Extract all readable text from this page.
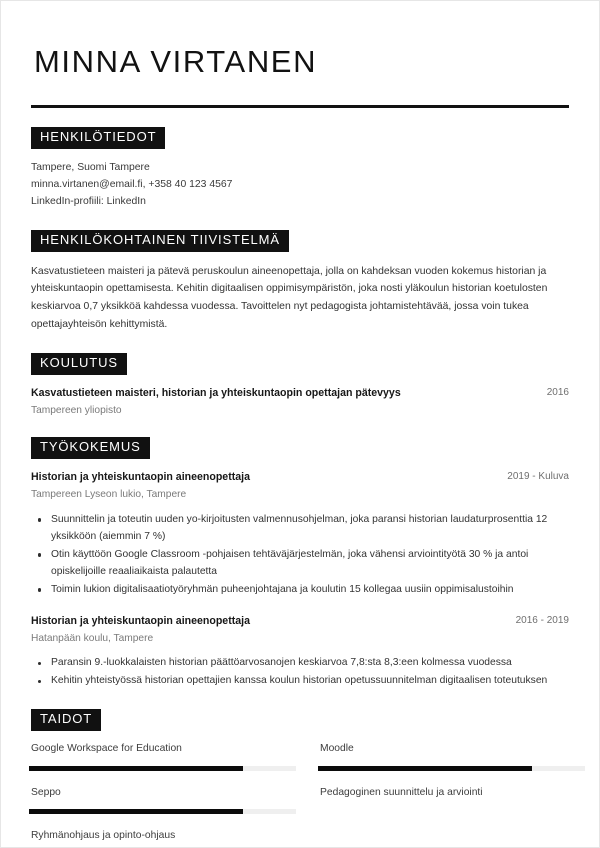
MINNA VIRTANEN
HENKILÖTIEDOT
Tampere, Suomi Tampere
minna.virtanen@email.fi, +358 40 123 4567
LinkedIn-profiili: LinkedIn
HENKILÖKOHTAINEN TIIVISTELMÄ
Kasvatustieteen maisteri ja pätevä peruskoulun aineenopettaja, jolla on kahdeksan vuoden kokemus historian ja yhteiskuntaopin opettamisesta. Kehitin digitaalisen oppimisympäristön, joka nosti yläkoulun historian koetulosten keskiarvoa 0,7 yksikköä kahdessa vuodessa. Tavoittelen nyt pedagogista johtamistehtävää, jossa voin tukea opettajayhteisön kehittymistä.
KOULUTUS
Kasvatustieteen maisteri, historian ja yhteiskuntaopin opettajan pätevyys	2016
Tampereen yliopisto
TYÖKOKEMUS
Historian ja yhteiskuntaopin aineenopettaja	2019 - Kuluva
Tampereen Lyseon lukio, Tampere
Suunnittelin ja toteutin uuden yo-kirjoitusten valmennusohjelman, joka paransi historian laudaturprosenttia 12 yksikköön (aiemmin 7 %)
Otin käyttöön Google Classroom -pohjaisen tehtäväjärjestelmän, joka vähensi arviointityötä 30 % ja antoi opiskelijoille reaaliaikaista palautetta
Toimin lukion digitalisaatiotyöryhmän puheenjohtajana ja koulutin 15 kollegaa uusiin oppimisalustoihin
Historian ja yhteiskuntaopin aineenopettaja	2016 - 2019
Hatanpään koulu, Tampere
Paransin 9.-luokkalaisten historian päättöarvosanojen keskiarvoa 7,8:sta 8,3:een kolmessa vuodessa
Kehitin yhteistyössä historian opettajien kanssa koulun historian opetussuunnitelman digitaalisen toteutuksen
TAIDOT
Google Workspace for Education	Moodle
Seppo	Pedagoginen suunnittelu ja arviointi
Ryhmänohjaus ja opinto-ohjaus
